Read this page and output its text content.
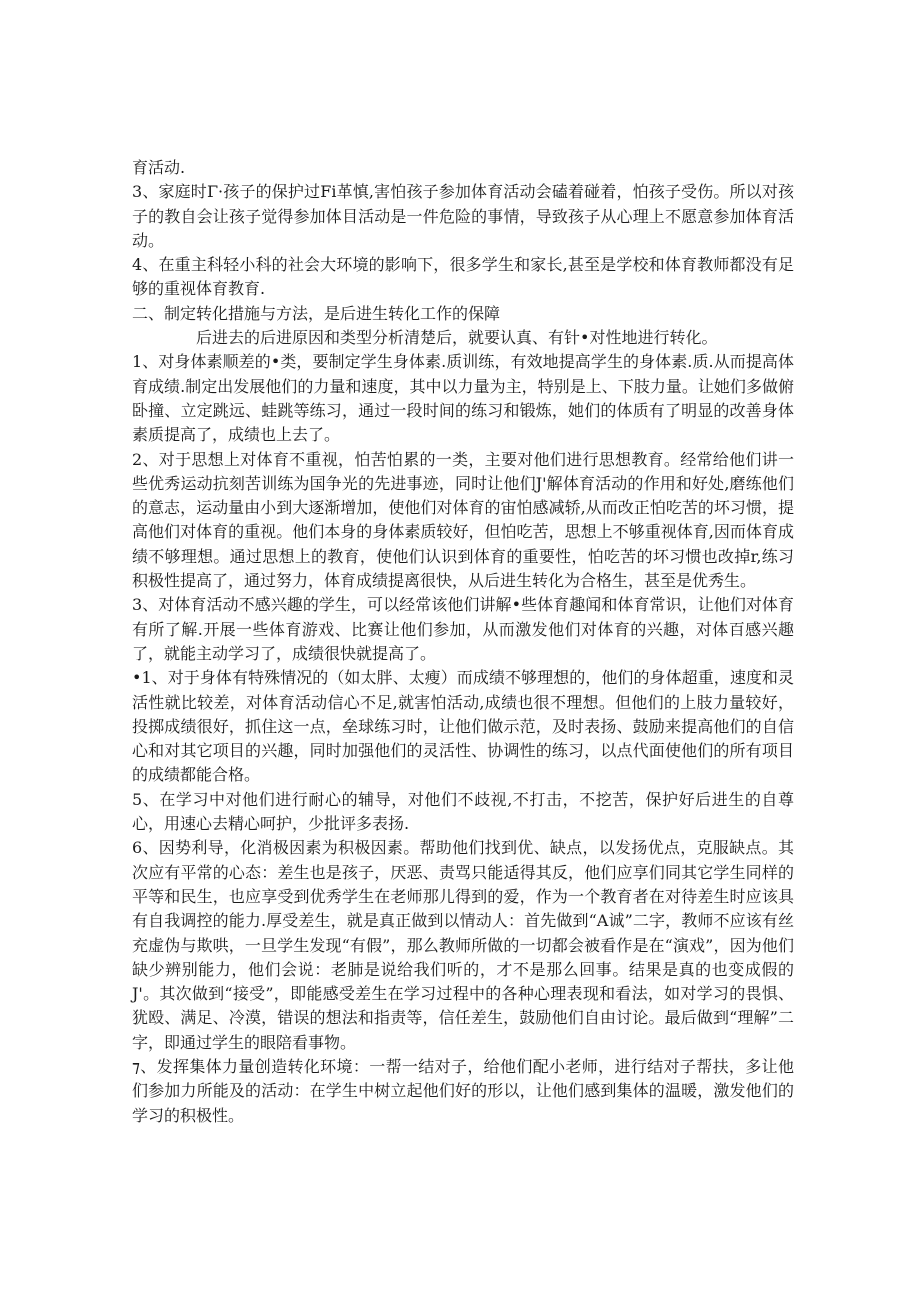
育活动.

3、家庭时Γ·孩子的保护过Fi革慎,害怕孩子参加体育活动会磕着碰着，怕孩子受伤。所以对孩子的教自会让孩子觉得参加体目活动是一件危险的事情，导致孩子从心理上不愿意参加体育活动。

4、在重主科轻小科的社会大环境的影响下，很多学生和家长,甚至是学校和体育教师都没有足够的重视体育教育.

二、制定转化措施与方法，是后进生转化工作的保障

后进去的后进原因和类型分析清楚后，就要认真、有针•对性地进行转化。

1、对身体素顺差的•类，要制定学生身体素.质训练，有效地提高学生的身体素.质.从而提高体育成绩.制定出发展他们的力量和速度，其中以力量为主，特别是上、下肢力量。让她们多做俯卧撞、立定跳远、蛙跳等练习，通过一段时间的练习和锻炼，她们的体质有了明显的改善身体素质提高了，成绩也上去了。

2、对于思想上对体育不重视，怕苦怕累的一类，主要对他们进行思想教育。经常给他们讲一些优秀运动抗刻苦训练为国争光的先进事迹，同时让他们J'解体育活动的作用和好处,磨练他们的意志，运动量由小到大逐渐增加，使他们对体育的宙怕感减轿,从而改正怕吃苦的坏习惯，提高他们对体育的重视。他们本身的身体素质较好，但怕吃苦，思想上不够重视体育,因而体育成绩不够理想。通过思想上的教育，使他们认识到体育的重要性，怕吃苦的坏习惯也改掉r,练习积极性提高了，通过努力，体育成绩提离很快，从后进生转化为合格生，甚至是优秀生。

3、对体育活动不感兴趣的学生，可以经常该他们讲解•些体育趣闻和体育常识，让他们对体育有所了解.开展一些体育游戏、比赛让他们参加，从而激发他们对体育的兴趣，对体百感兴趣了，就能主动学习了，成绩很快就提高了。

•1、对于身体有特殊情况的（如太胖、太瘦）而成绩不够理想的，他们的身体超重，速度和灵活性就比较差，对体育活动信心不足,就害怕活动,成绩也很不理想。但他们的上肢力量较好，投掷成绩很好，抓住这一点，垒球练习时，让他们做示范，及时表扬、鼓励来提高他们的自信心和对其它项目的兴趣，同时加强他们的灵活性、协调性的练习，以点代面使他们的所有项目的成绩都能合格。

5、在学习中对他们进行耐心的辅导，对他们不歧视,不打击，不挖苦，保护好后进生的自尊心，用速心去精心呵护，少批评多表扬.

6、因势利导，化消极因素为积极因素。帮助他们找到优、缺点，以发扬优点，克服缺点。其次应有平常的心态：差生也是孩子，厌恶、责骂只能适得其反，他们应享们同其它学生同样的平等和民生，也应享受到优秀学生在老师那儿得到的爱，作为一个教育者在对待差生时应该具有自我调控的能力.厚受差生，就是真正做到以情动人：首先做到“A诚”二字，教师不应该有丝充虚伪与欺哄，一旦学生发现“有假”，那么教师所做的一切都会被看作是在“演戏”，因为他们缺少辨别能力，他们会说：老肺是说给我们听的，才不是那么回事。结果是真的也变成假的J'。其次做到“接受”，即能感受差生在学习过程中的各种心理表现和看法，如对学习的畏惧、犹殴、满足、冷漠，错误的想法和指责等，信任差生，鼓励他们自由讨论。最后做到“理解”二字，即通过学生的眼陪看事物。

⁊、发挥集体力量创造转化环境：一帮一结对子，给他们配小老师，进行结对子帮扶，多让他们参加力所能及的活动：在学生中树立起他们好的形以，让他们感到集体的温暖，激发他们的学习的积极性。
